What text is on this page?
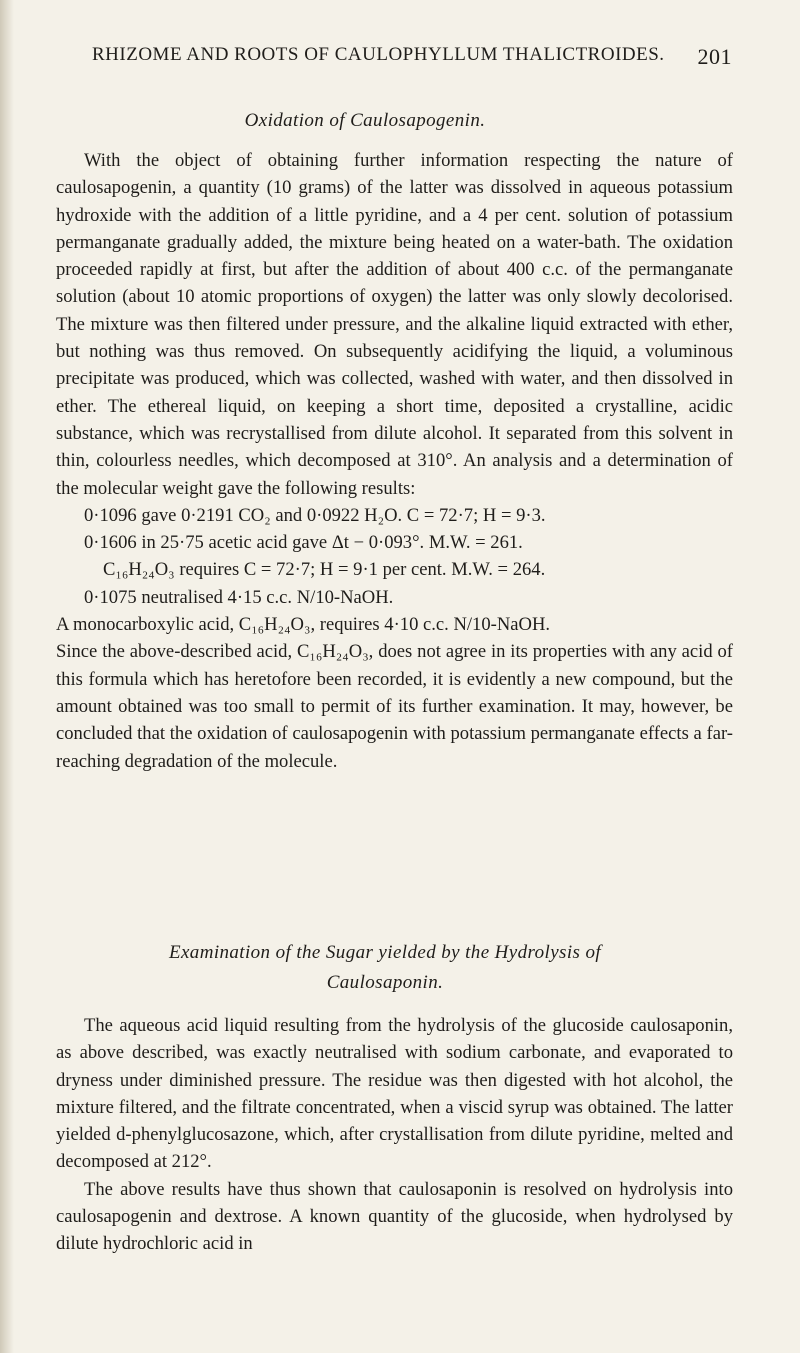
RHIZOME AND ROOTS OF CAULOPHYLLUM THALICTROIDES. 201
Oxidation of Caulosapogenin.

With the object of obtaining further information respecting the nature of caulosapogenin, a quantity (10 grams) of the latter was dissolved in aqueous potassium hydroxide with the addition of a little pyridine, and a 4 per cent. solution of potassium permanganate gradually added, the mixture being heated on a water-bath. The oxidation proceeded rapidly at first, but after the addition of about 400 c.c. of the permanganate solution (about 10 atomic proportions of oxygen) the latter was only slowly decolorised. The mixture was then filtered under pressure, and the alkaline liquid extracted with ether, but nothing was thus removed. On subsequently acidifying the liquid, a voluminous precipitate was produced, which was collected, washed with water, and then dissolved in ether. The ethereal liquid, on keeping a short time, deposited a crystalline, acidic substance, which was recrystallised from dilute alcohol. It separated from this solvent in thin, colourless needles, which decomposed at 310°. An analysis and a determination of the molecular weight gave the following results:

0·1096 gave 0·2191 CO₂ and 0·0922 H₂O. C = 72·7; H = 9·3.
0·1606 in 25·75 acetic acid gave Δt − 0·093°. M.W. = 261.
C₁₆H₂₄O₃ requires C = 72·7; H = 9·1 per cent. M.W. = 264.
0·1075 neutralised 4·15 c.c. N/10-NaOH.
A monocarboxylic acid, C₁₆H₂₄O₃, requires 4·10 c.c. N/10-NaOH.

Since the above-described acid, C₁₆H₂₄O₃, does not agree in its properties with any acid of this formula which has heretofore been recorded, it is evidently a new compound, but the amount obtained was too small to permit of its further examination. It may, however, be concluded that the oxidation of caulosapogenin with potassium permanganate effects a far-reaching degradation of the molecule.

Examination of the Sugar yielded by the Hydrolysis of
Caulosaponin.

The aqueous acid liquid resulting from the hydrolysis of the glucoside caulosaponin, as above described, was exactly neutralised with sodium carbonate, and evaporated to dryness under diminished pressure. The residue was then digested with hot alcohol, the mixture filtered, and the filtrate concentrated, when a viscid syrup was obtained. The latter yielded d-phenylglucosazone, which, after crystallisation from dilute pyridine, melted and decomposed at 212°.

The above results have thus shown that caulosaponin is resolved on hydrolysis into caulosapogenin and dextrose. A known quantity of the glucoside, when hydrolysed by dilute hydrochloric acid in
